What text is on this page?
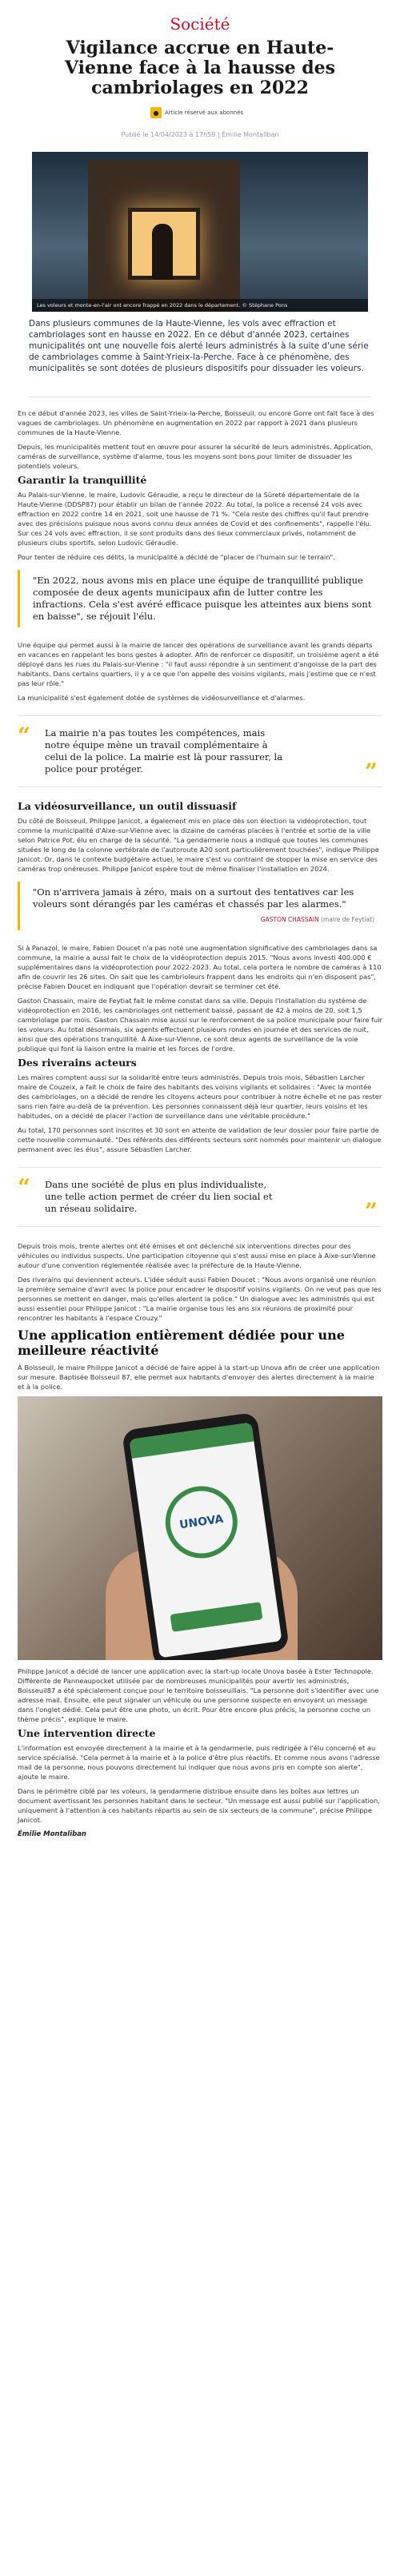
Société
Vigilance accrue en Haute-Vienne face à la hausse des cambriolages en 2022
●	Article réservé aux abonnés
Publié le 14/04/2023 à 17h59 | Émilie Montaliban
Les voleurs et monte-en-l'air ont encore frappé en 2022 dans le département. © Stéphane Pons

Dans plusieurs communes de la Haute-Vienne, les vols avec effraction et cambriolages sont en hausse en 2022. En ce début d'année 2023, certaines municipalités ont une nouvelle fois alerté leurs administrés à la suite d'une série de cambriolages comme à Saint-Yrieix-la-Perche. Face à ce phénomène, des municipalités se sont dotées de plusieurs dispositifs pour dissuader les voleurs.

En ce début d'année 2023, les villes de Saint-Yrieix-la-Perche, Boisseuil, ou encore Gorre ont fait face à des vagues de cambriolages. Un phénomène en augmentation en 2022 par rapport à 2021 dans plusieurs communes de la Haute-Vienne.

Depuis, les municipalités mettent tout en œuvre pour assurer la sécurité de leurs administrés. Application, caméras de surveillance, système d'alarme, tous les moyens sont bons pour limiter de dissuader les potentiels voleurs.

Garantir la tranquillité

Au Palais-sur-Vienne, le maire, Ludovic Géraudie, a reçu le directeur de la Sûreté départementale de la Haute-Vienne (DDSP87) pour établir un bilan de l'année 2022. Au total, la police a recensé 24 vols avec effraction en 2022 contre 14 en 2021, soit une hausse de 71 %. "Cela reste des chiffres qu'il faut prendre avec des précisions puisque nous avons connu deux années de Covid et des confinements", rappelle l'élu. Sur ces 24 vols avec effraction, il se sont produits dans des lieux commerciaux privés, notamment de plusieurs clubs sportifs, selon Ludovic Géraudie.

Pour tenter de réduire ces délits, la municipalité a décidé de "placer de l'humain sur le terrain".

"En 2022, nous avons mis en place une équipe de tranquillité publique composée de deux agents municipaux afin de lutter contre les infractions. Cela s'est avéré efficace puisque les atteintes aux biens sont en baisse", se réjouit l'élu.

Une équipe qui permet aussi à la mairie de lancer des opérations de surveillance avant les grands départs en vacances en rappelant les bons gestes à adopter. Afin de renforcer ce dispositif, un troisième agent a été déployé dans les rues du Palais-sur-Vienne : "il faut aussi répondre à un sentiment d'angoisse de la part des habitants. Dans certains quartiers, il y a ce que l'on appelle des voisins vigilants, mais j'estime que ce n'est pas leur rôle."

La municipalité s'est également dotée de systèmes de vidéosurveillance et d'alarmes.

“	La mairie n'a pas toutes les compétences, mais notre équipe mène un travail complémentaire à celui de la police. La mairie est là pour rassurer, la police pour protéger.	”
La vidéosurveillance, un outil dissuasif

Du côté de Boisseuil, Philippe Janicot, a également mis en place dès son élection la vidéoprotection, tout comme la municipalité d'Aixe-sur-Vienne avec la dizaine de caméras placées à l'entrée et sortie de la ville selon Patrice Pot, élu en charge de la sécurité. "La gendarmerie nous a indiqué que toutes les communes situées le long de la colonne vertébrale de l'autoroute A20 sont particulièrement touchées", indique Philippe Janicot. Or, dans le contexte budgétaire actuel, le maire s'est vu contraint de stopper la mise en service des caméras trop onéreuses. Philippe Janicot espère tout de même finaliser l'installation en 2024.

"On n'arrivera jamais à zéro, mais on a surtout des tentatives car les voleurs sont dérangés par les caméras et chassés par les alarmes."
GASTON CHASSAIN (maire de Feytiat)

Si à Panazol, le maire, Fabien Doucet n'a pas noté une augmentation significative des cambriolages dans sa commune, la mairie a aussi fait le choix de la vidéoprotection depuis 2015. "Nous avons investi 400.000 € supplémentaires dans la vidéoprotection pour 2022-2023. Au total, cela portera le nombre de caméras à 110 afin de couvrir les 26 sites. On sait que les cambrioleurs frappent dans les endroits qui n'en disposent pas", précise Fabien Doucet en indiquant que l'opération devrait se terminer cet été.

Gaston Chassain, maire de Feytiat fait le même constat dans sa ville. Depuis l'installation du système de vidéoprotection en 2016, les cambriolages ont nettement baissé, passant de 42 à moins de 20, soit 1,5 cambriolage par mois. Gaston Chassain mise aussi sur le renforcement de sa police municipale pour faire fuir les voleurs. Au total désormais, six agents effectuent plusieurs rondes en journée et des services de nuit, ainsi que des opérations tranquillité. À Aixe-sur-Vienne, ce sont deux agents de surveillance de la voie publique qui font la liaison entre la mairie et les forces de l'ordre.

Des riverains acteurs

Les maires comptent aussi sur la solidarité entre leurs administrés. Depuis trois mois, Sébastien Larcher maire de Couzeix, a fait le choix de faire des habitants des voisins vigilants et solidaires : "Avec la montée des cambriolages, on a décidé de rendre les citoyens acteurs pour contribuer à notre échelle et ne pas rester sans rien faire au-delà de la prévention. Les personnes connaissent déjà leur quartier, leurs voisins et les habitudes, on a décidé de placer l'action de surveillance dans une véritable procédure."

Au total, 170 personnes sont inscrites et 30 sont en attente de validation de leur dossier pour faire partie de cette nouvelle communauté. "Des référents des différents secteurs sont nommés pour maintenir un dialogue permanent avec les élus", assure Sébastien Larcher.

“	Dans une société de plus en plus individualiste, une telle action permet de créer du lien social et un réseau solidaire.	”

Depuis trois mois, trente alertes ont été émises et ont déclenché six interventions directes pour des véhicules ou individus suspects. Une participation citoyenne qui s'est aussi mise en place à Aixe-sur-Vienne autour d'une convention réglementée réalisée avec la préfecture de la Haute-Vienne.

Des riverains qui deviennent acteurs. L'idée séduit aussi Fabien Doucet : "Nous avons organisé une réunion la première semaine d'avril avec la police pour encadrer le dispositif voisins vigilants. On ne veut pas que les personnes se mettent en danger, mais qu'elles alertent la police." Un dialogue avec les administrés qui est aussi essentiel pour Philippe Janicot : "La mairie organise tous les ans six réunions de proximité pour rencontrer les habitants à l'espace Crouzy."

Une application entièrement dédiée pour une meilleure réactivité

À Boisseuil, le maire Philippe Janicot a décidé de faire appel à la start-up Unova afin de créer une application sur mesure. Baptisée Boisseuil 87, elle permet aux habitants d'envoyer des alertes directement à la mairie et à la police.

UNOVA

Philippe Janicot a décidé de lancer une application avec la start-up locale Unova basée à Ester Technopole. Différente de Panneaupocket utilisée par de nombreuses municipalités pour avertir les administrés, Boisseuil87 a été spécialement conçue pour le territoire boisseuillais. "La personne doit s'identifier avec une adresse mail. Ensuite, elle peut signaler un véhicule ou une personne suspecte en envoyant un message dans l'onglet dédié. Cela peut être une photo, un écrit. Pour être encore plus précis, la personne coche un thème précis", explique le maire.

Une intervention directe

L'information est envoyée directement à la mairie et à la gendarmerie, puis redirigée à l'élu concerné et au service spécialisé. "Cela permet à la mairie et à la police d'être plus réactifs. Et comme nous avons l'adresse mail de la personne, nous pouvons directement lui indiquer que nous avons pris en compte son alerte", ajoute le maire.

Dans le périmètre ciblé par les voleurs, la gendarmerie distribue ensuite dans les boîtes aux lettres un document avertissant les personnes habitant dans le secteur. "Un message est aussi publié sur l'application, uniquement à l'attention à ces habitants répartis au sein de six secteurs de la commune", précise Philippe Janicot.

Émilie Montaliban
